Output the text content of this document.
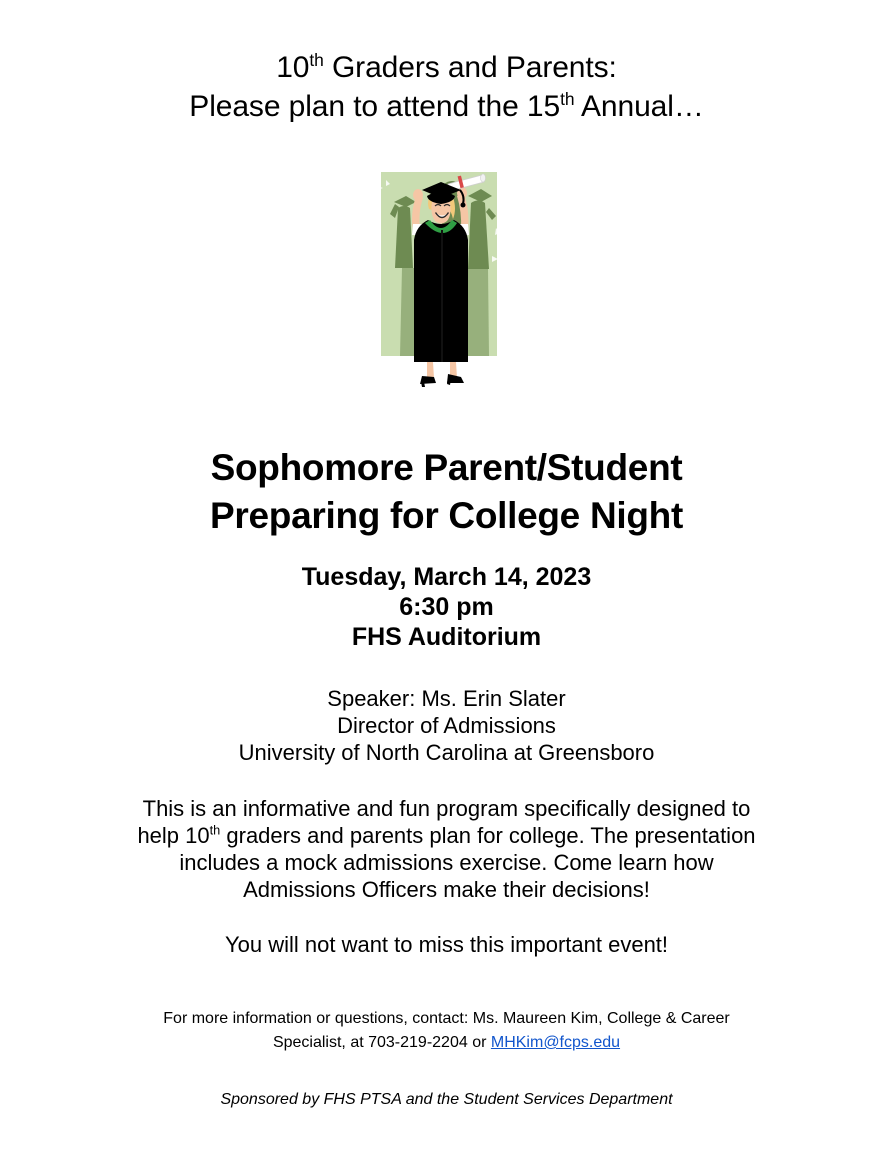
10th Graders and Parents:
Please plan to attend the 15th Annual…
Sophomore Parent/Student
Preparing for College Night
Tuesday, March 14, 2023
6:30 pm
FHS Auditorium
Speaker: Ms. Erin Slater
Director of Admissions
University of North Carolina at Greensboro
This is an informative and fun program specifically designed to
help 10th graders and parents plan for college. The presentation
includes a mock admissions exercise. Come learn how
Admissions Officers make their decisions!
You will not want to miss this important event!
For more information or questions, contact: Ms. Maureen Kim, College & Career
Specialist, at 703-219-2204 or MHKim@fcps.edu
Sponsored by FHS PTSA and the Student Services Department
